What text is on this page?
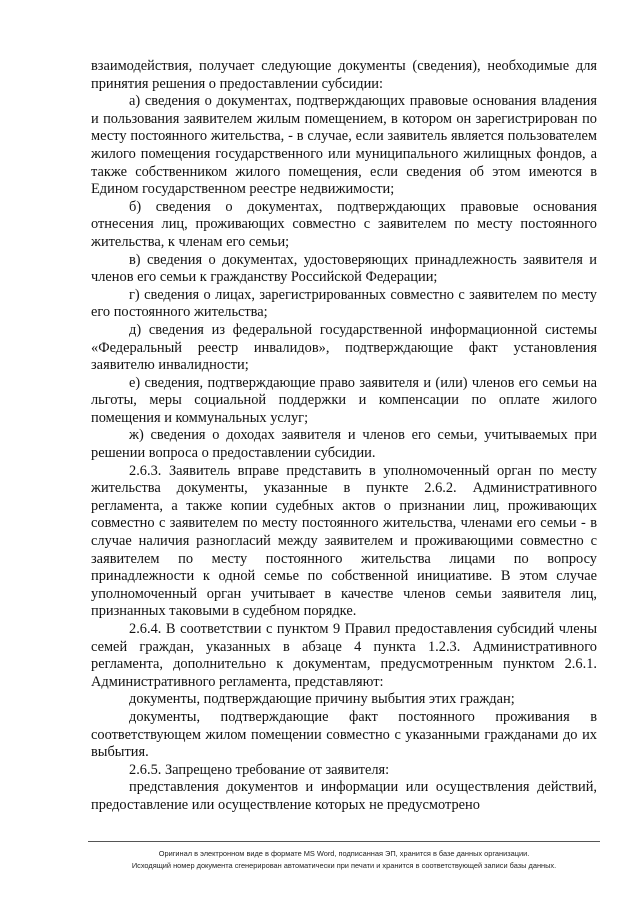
взаимодействия, получает следующие документы (сведения), необходимые для принятия решения о предоставлении субсидии:

а) сведения о документах, подтверждающих правовые основания владения и пользования заявителем жилым помещением, в котором он зарегистрирован по месту постоянного жительства, - в случае, если заявитель является пользователем жилого помещения государственного или муниципального жилищных фондов, а также собственником жилого помещения, если сведения об этом имеются в Едином государственном реестре недвижимости;

б) сведения о документах, подтверждающих правовые основания отнесения лиц, проживающих совместно с заявителем по месту постоянного жительства, к членам его семьи;

в) сведения о документах, удостоверяющих принадлежность заявителя и членов его семьи к гражданству Российской Федерации;

г) сведения о лицах, зарегистрированных совместно с заявителем по месту его постоянного жительства;

д) сведения из федеральной государственной информационной системы «Федеральный реестр инвалидов», подтверждающие факт установления заявителю инвалидности;

е) сведения, подтверждающие право заявителя и (или) членов его семьи на льготы, меры социальной поддержки и компенсации по оплате жилого помещения и коммунальных услуг;

ж) сведения о доходах заявителя и членов его семьи, учитываемых при решении вопроса о предоставлении субсидии.

2.6.3. Заявитель вправе представить в уполномоченный орган по месту жительства документы, указанные в пункте 2.6.2. Административного регламента, а также копии судебных актов о признании лиц, проживающих совместно с заявителем по месту постоянного жительства, членами его семьи - в случае наличия разногласий между заявителем и проживающими совместно с заявителем по месту постоянного жительства лицами по вопросу принадлежности к одной семье по собственной инициативе. В этом случае уполномоченный орган учитывает в качестве членов семьи заявителя лиц, признанных таковыми в судебном порядке.

2.6.4. В соответствии с пунктом 9 Правил предоставления субсидий члены семей граждан, указанных в абзаце 4 пункта 1.2.3. Административного регламента, дополнительно к документам, предусмотренным пунктом 2.6.1. Административного регламента, представляют:

документы, подтверждающие причину выбытия этих граждан;

документы, подтверждающие факт постоянного проживания в соответствующем жилом помещении совместно с указанными гражданами до их выбытия.

2.6.5. Запрещено требование от заявителя:

представления документов и информации или осуществления действий, предоставление или осуществление которых не предусмотрено

Оригинал в электронном виде в формате MS Word, подписанная ЭП, хранится в базе данных организации.
Исходящий номер документа сгенерирован автоматически при печати и хранится в соответствующей записи базы данных.
